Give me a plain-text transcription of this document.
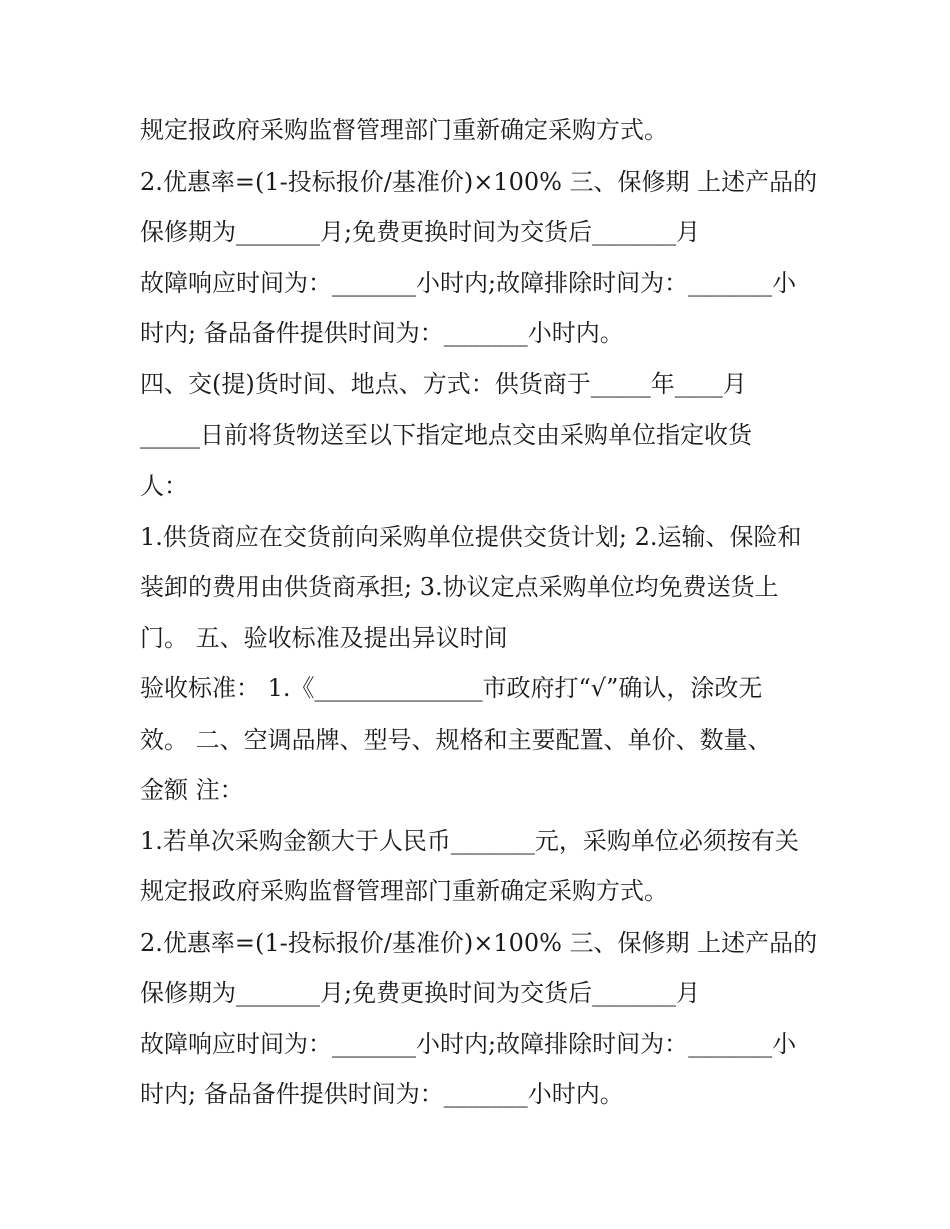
规定报政府采购监督管理部门重新确定采购方式。
2.优惠率=(1-投标报价/基准价)×100% 三、保修期 上述产品的
保修期为_______月;免费更换时间为交货后_______月
故障响应时间为：_______小时内;故障排除时间为：_______小
时内; 备品备件提供时间为：_______小时内。
四、交(提)货时间、地点、方式：供货商于_____年____月
_____日前将货物送至以下指定地点交由采购单位指定收货
人：
1.供货商应在交货前向采购单位提供交货计划; 2.运输、保险和
装卸的费用由供货商承担; 3.协议定点采购单位均免费送货上
门。 五、验收标准及提出异议时间
验收标准： 1.《______________市政府打“√”确认，涂改无
效。 二、空调品牌、型号、规格和主要配置、单价、数量、
金额 注：
1.若单次采购金额大于人民币_______元，采购单位必须按有关
规定报政府采购监督管理部门重新确定采购方式。
2.优惠率=(1-投标报价/基准价)×100% 三、保修期 上述产品的
保修期为_______月;免费更换时间为交货后_______月
故障响应时间为：_______小时内;故障排除时间为：_______小
时内; 备品备件提供时间为：_______小时内。
